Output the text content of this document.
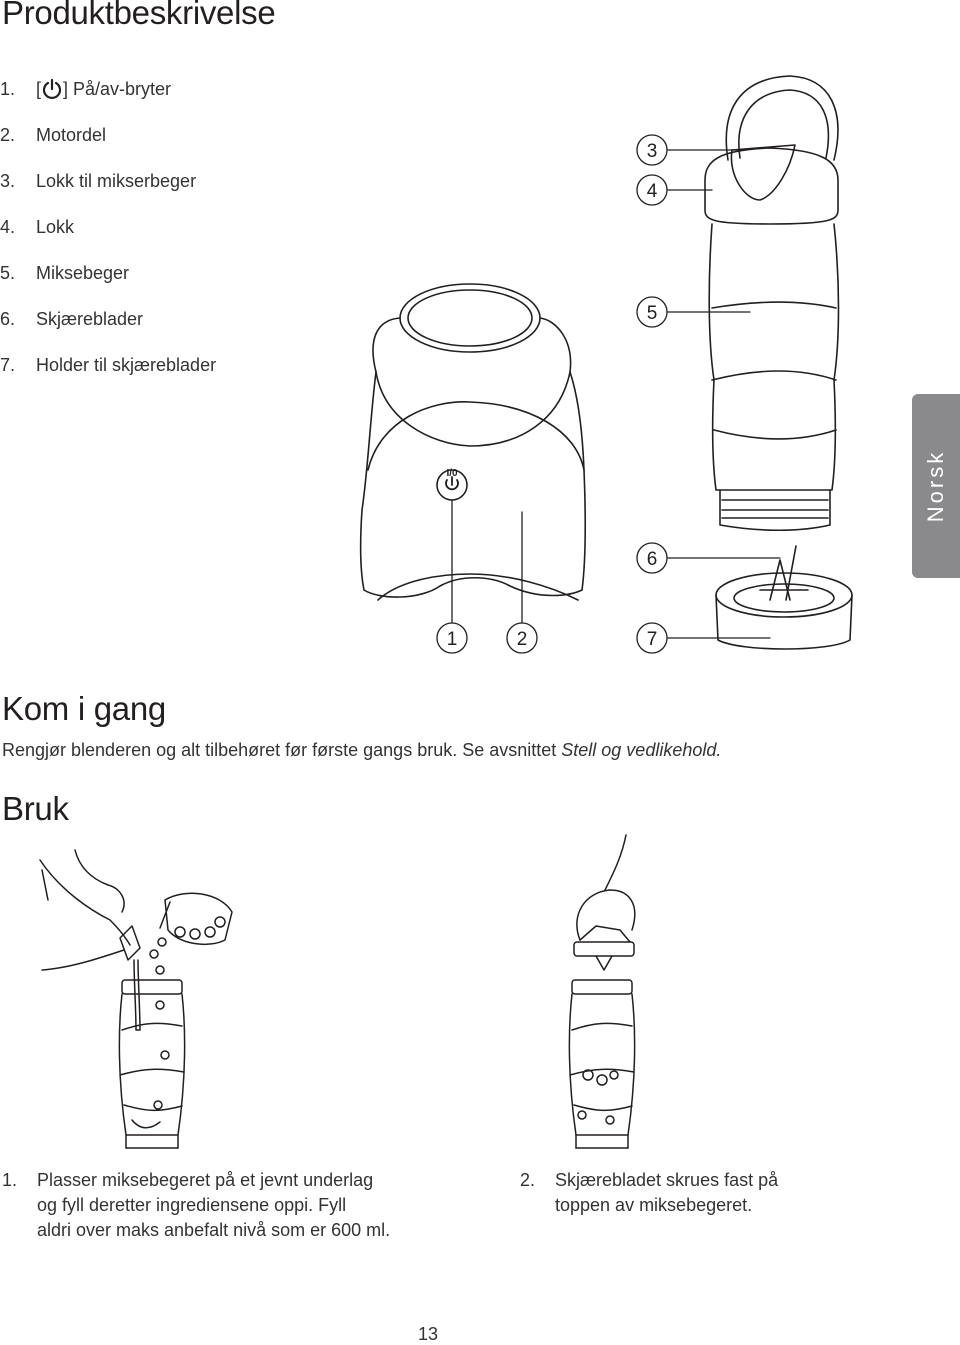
Produktbeskrivelse
1.	[ ] På/av-bryter
2.	Motordel
3.	Lokk til mikserbeger
4.	Lokk
5.	Miksebeger
6.	Skjæreblader
7.	Holder til skjæreblader
I/0
1	2
3
4
5
6
7
Norsk
Kom i gang
Rengjør blenderen og alt tilbehøret før første gangs bruk. Se avsnittet Stell og vedlikehold.
Bruk
1. Plasser miksebegeret på et jevnt underlag
og fyll deretter ingrediensene oppi. Fyll
aldri over maks anbefalt nivå som er 600 ml.
2. Skjærebladet skrues fast på
toppen av miksebegeret.
13
